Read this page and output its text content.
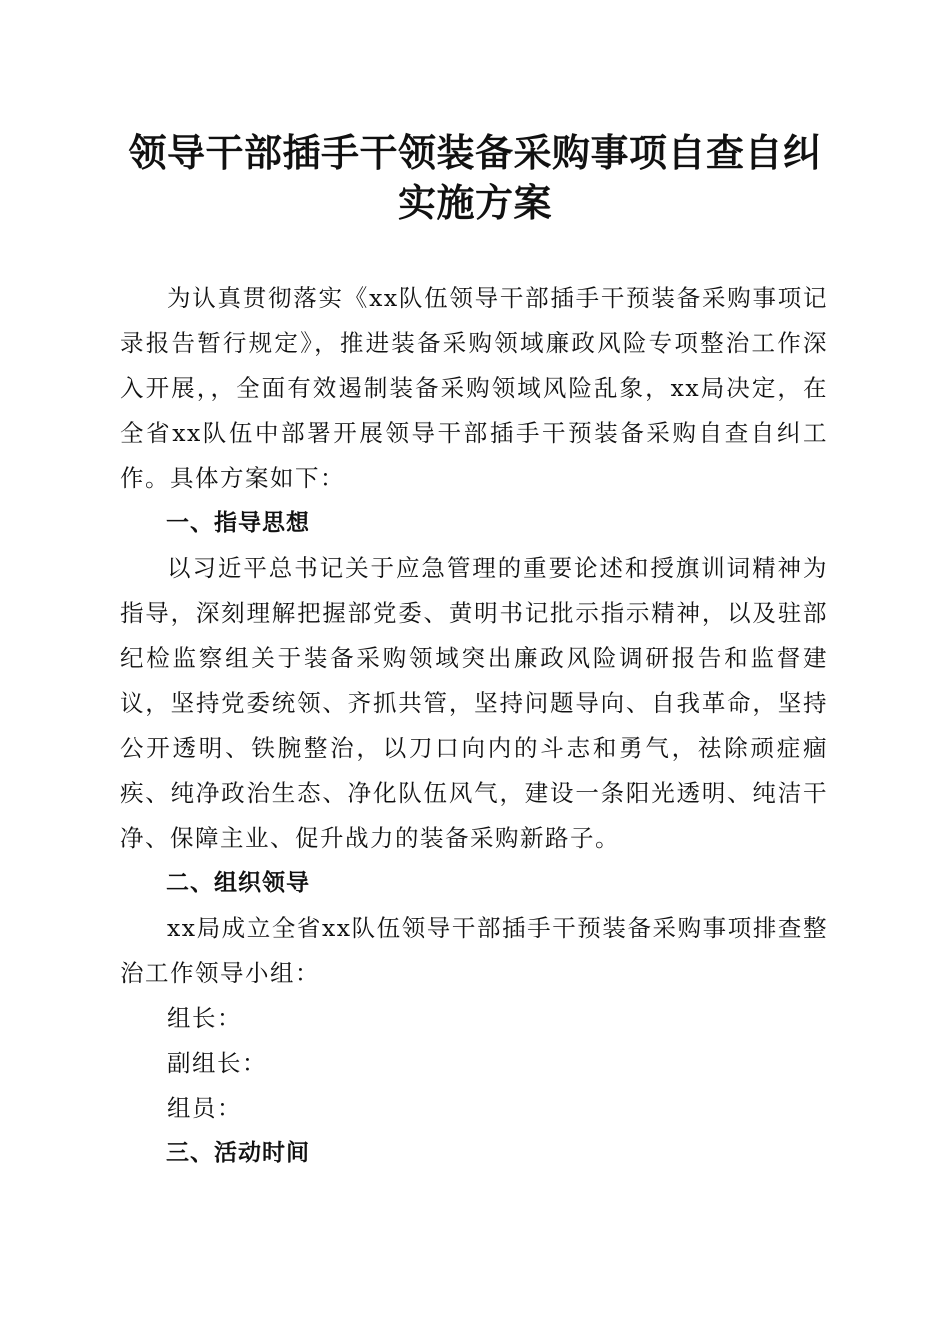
领导干部插手干领装备采购事项自查自纠实施方案

为认真贯彻落实《xx队伍领导干部插手干预装备采购事项记录报告暂行规定》，推进装备采购领域廉政风险专项整治工作深入开展，，全面有效遏制装备采购领域风险乱象，xx局决定，在全省xx队伍中部署开展领导干部插手干预装备采购自查自纠工作。具体方案如下：

一、指导思想

以习近平总书记关于应急管理的重要论述和授旗训词精神为指导，深刻理解把握部党委、黄明书记批示指示精神，以及驻部纪检监察组关于装备采购领域突出廉政风险调研报告和监督建议，坚持党委统领、齐抓共管，坚持问题导向、自我革命，坚持公开透明、铁腕整治，以刀口向内的斗志和勇气，祛除顽症痼疾、纯净政治生态、净化队伍风气，建设一条阳光透明、纯洁干净、保障主业、促升战力的装备采购新路子。

二、组织领导

xx局成立全省xx队伍领导干部插手干预装备采购事项排查整治工作领导小组：

组长：

副组长：

组员：

三、活动时间
